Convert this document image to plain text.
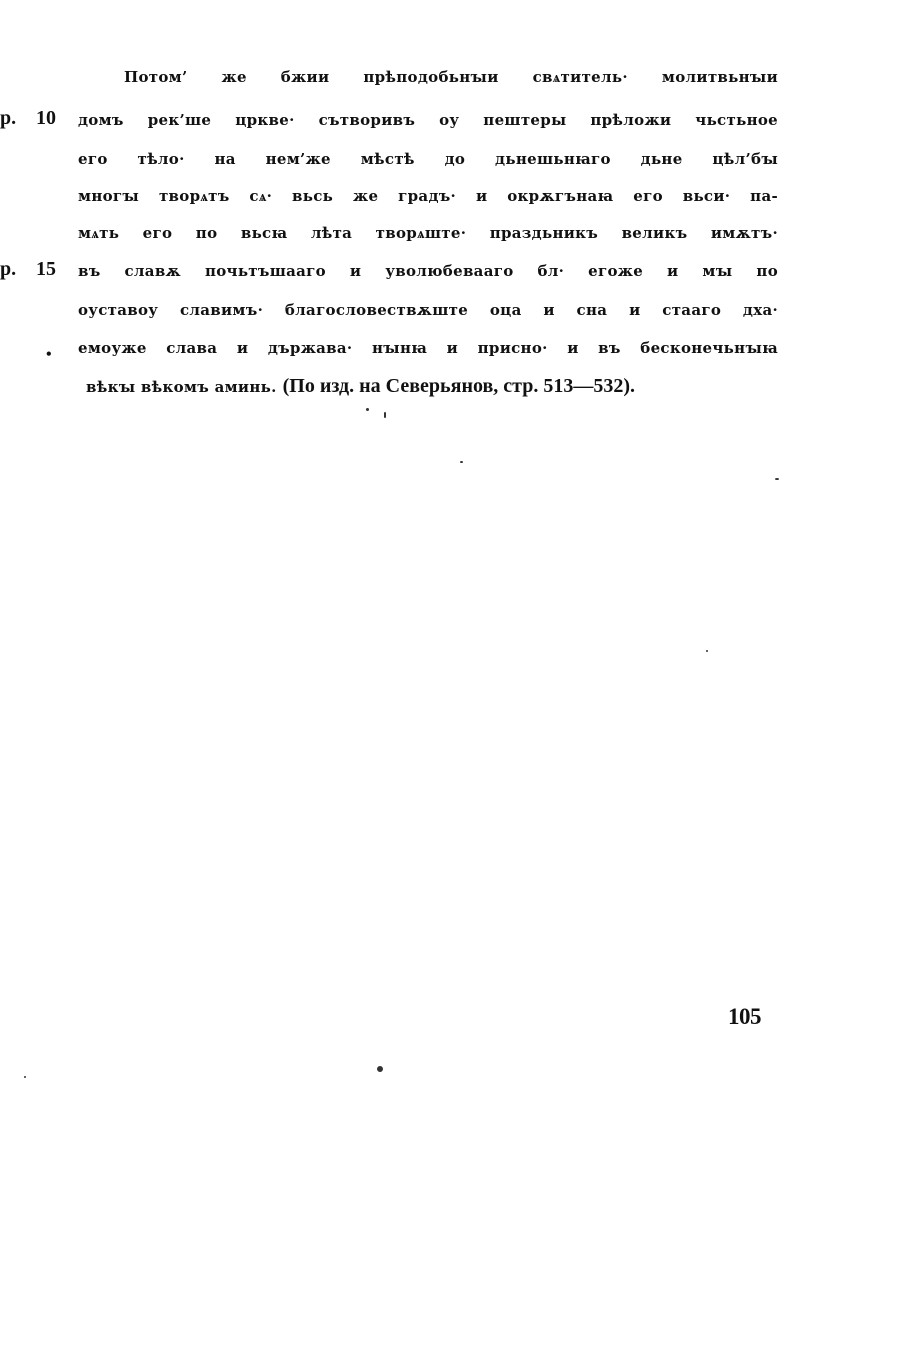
Потом’ же бжии прѣподобьнꙑи свѧтитель· молитвьнꙑи
р. 10 домъ рек’ше цркве· сътворивъ оу пештеры прѣложи чьстьное
его тѣло· на нем’же мѣстѣ до дьнешьнꙗго дьне цѣл’бꙑ
многꙑ творѧтъ сѧ· вьсь же градъ· и окрѫгънаꙗ его вьси· па-
мѧть его по вьсꙗ лѣта творѧште· праздьникъ великъ имѫтъ·
р. 15 въ славѫ почьтъшааго и уволюбевааго бл· егоже и мꙑ по
оуставоу славимъ· благословествѫште оца и сна и стааго дха·
• емоуже слава и държава· нꙑнꙗ и присно· и въ бесконечьнꙑꙗ
вѣкꙑ вѣкомъ аминь. (По изд. на Северьянов, стр. 513—532).
105
